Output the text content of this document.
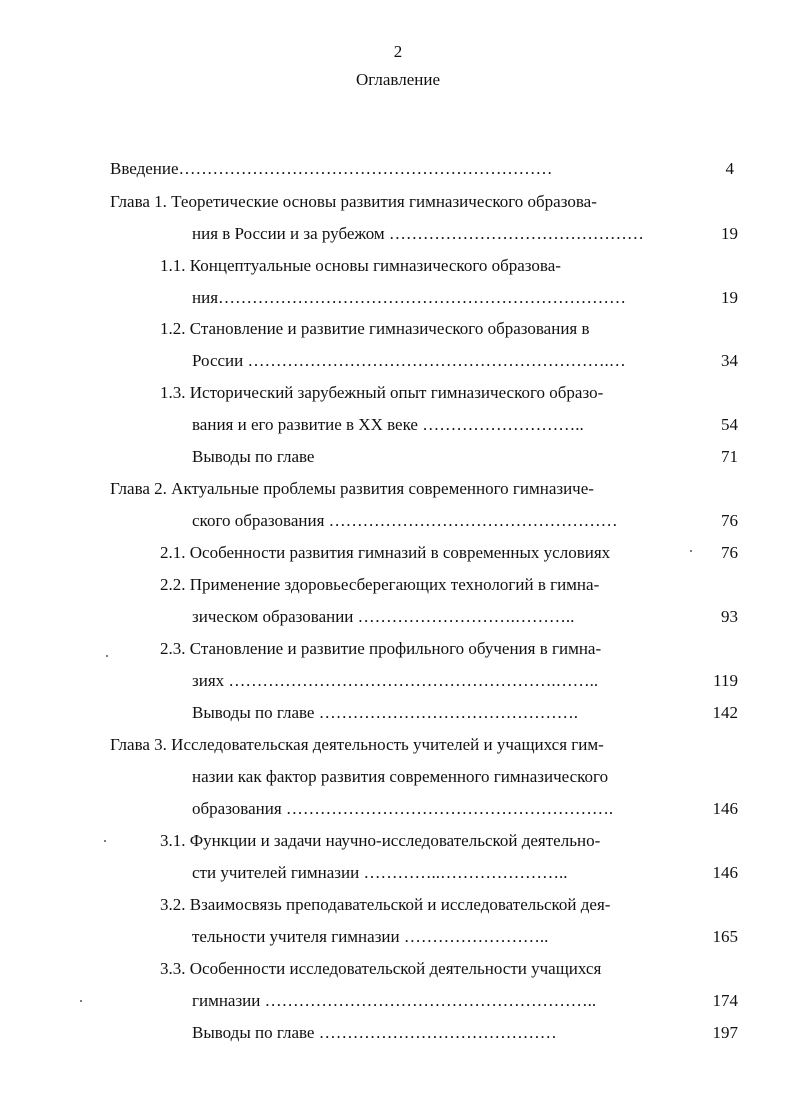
2
Оглавление
Введение…………………………………………………………	4
Глава 1. Теоретические основы развития гимназического образова-
ния в России и за рубежом ………………………………………	19
1.1. Концептуальные основы гимназического образова-
ния………………………………………………………………	19
1.2. Становление и развитие гимназического образования в
России ……………………………………………………….…	34
1.3. Исторический зарубежный опыт гимназического образо-
вания и его развитие в XX веке ………………………..	54
Выводы по главе	71
Глава 2. Актуальные проблемы развития современного гимназиче-
ского образования ……………………………………………	76
2.1. Особенности развития гимназий в современных условиях	76
2.2. Применение здоровьесберегающих технологий в гимна-
зическом образовании ……………………….………..	93
2.3. Становление и развитие профильного обучения в гимна-
зиях ………………………………………………….……..	119
Выводы по главе ……………………………………….	142
Глава 3. Исследовательская деятельность учителей и учащихся гим-
назии как фактор развития современного гимназического
образования ………………………………………………….	146
3.1. Функции и задачи научно-исследовательской деятельно-
сти учителей гимназии …………..…………………..	146
3.2. Взаимосвязь преподавательской и исследовательской дея-
тельности учителя гимназии ……………………..	165
3.3. Особенности исследовательской деятельности учащихся
гимназии …………………………………………………..	174
Выводы по главе ……………………………………	197
